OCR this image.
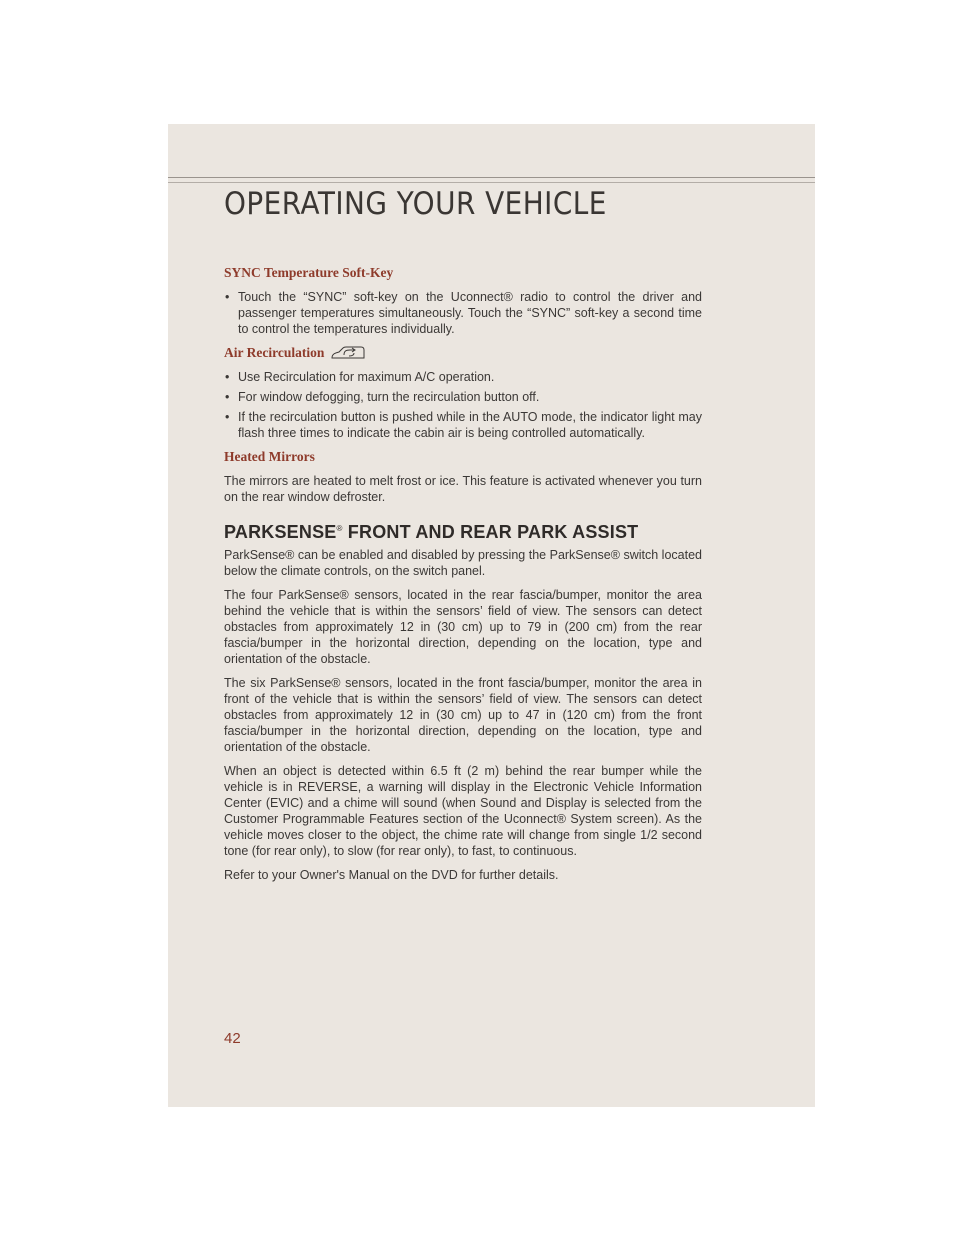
OPERATING YOUR VEHICLE
SYNC Temperature Soft-Key
• Touch the “SYNC” soft-key on the Uconnect® radio to control the driver and passenger temperatures simultaneously. Touch the “SYNC” soft-key a second time to control the temperatures individually.
Air Recirculation
• Use Recirculation for maximum A/C operation.
• For window defogging, turn the recirculation button off.
• If the recirculation button is pushed while in the AUTO mode, the indicator light may flash three times to indicate the cabin air is being controlled automatically.
Heated Mirrors

The mirrors are heated to melt frost or ice. This feature is activated whenever you turn on the rear window defroster.

PARKSENSE® FRONT AND REAR PARK ASSIST

ParkSense® can be enabled and disabled by pressing the ParkSense® switch located below the climate controls, on the switch panel.

The four ParkSense® sensors, located in the rear fascia/bumper, monitor the area behind the vehicle that is within the sensors’ field of view. The sensors can detect obstacles from approximately 12 in (30 cm) up to 79 in (200 cm) from the rear fascia/bumper in the horizontal direction, depending on the location, type and orientation of the obstacle.

The six ParkSense® sensors, located in the front fascia/bumper, monitor the area in front of the vehicle that is within the sensors’ field of view. The sensors can detect obstacles from approximately 12 in (30 cm) up to 47 in (120 cm) from the front fascia/bumper in the horizontal direction, depending on the location, type and orientation of the obstacle.

When an object is detected within 6.5 ft (2 m) behind the rear bumper while the vehicle is in REVERSE, a warning will display in the Electronic Vehicle Information Center (EVIC) and a chime will sound (when Sound and Display is selected from the Customer Programmable Features section of the Uconnect® System screen). As the vehicle moves closer to the object, the chime rate will change from single 1/2 second tone (for rear only), to slow (for rear only), to fast, to continuous.

Refer to your Owner's Manual on the DVD for further details.

42
